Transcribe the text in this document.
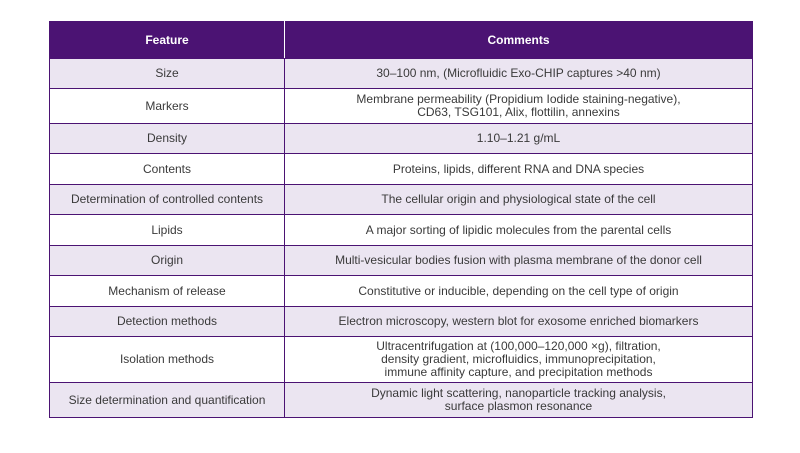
Feature	Comments
Size	30–100 nm, (Microfluidic Exo-CHIP captures >40 nm)
Markers	Membrane permeability (Propidium Iodide staining-negative),
CD63, TSG101, Alix, flottilin, annexins
Density	1.10–1.21 g/mL
Contents	Proteins, lipids, different RNA and DNA species
Determination of controlled contents	The cellular origin and physiological state of the cell
Lipids	A major sorting of lipidic molecules from the parental cells
Origin	Multi-vesicular bodies fusion with plasma membrane of the donor cell
Mechanism of release	Constitutive or inducible, depending on the cell type of origin
Detection methods	Electron microscopy, western blot for exosome enriched biomarkers
Isolation methods	Ultracentrifugation at (100,000–120,000 ×g), filtration,
density gradient, microfluidics, immunoprecipitation,
immune affinity capture, and precipitation methods
Size determination and quantification	Dynamic light scattering, nanoparticle tracking analysis,
surface plasmon resonance
